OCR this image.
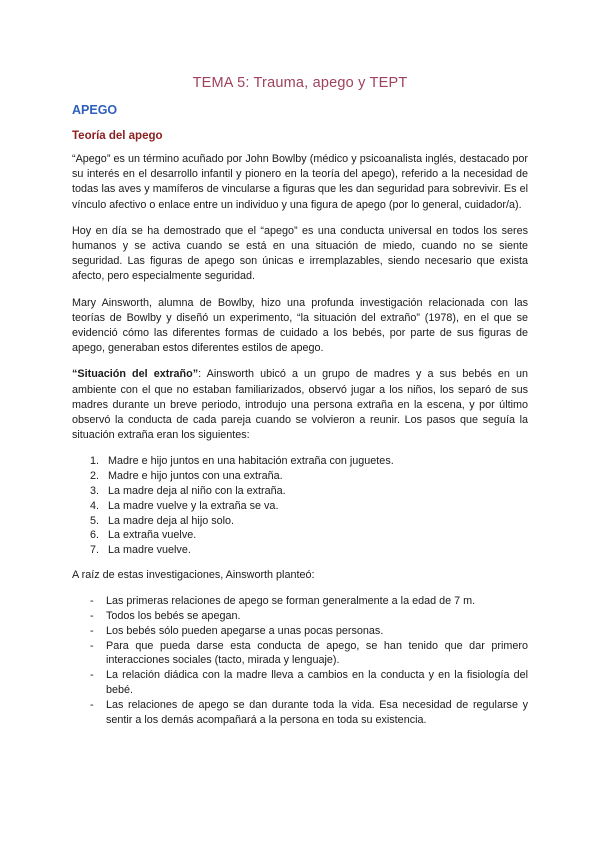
TEMA 5: Trauma, apego y TEPT
APEGO
Teoría del apego

“Apego” es un término acuñado por John Bowlby (médico y psicoanalista inglés, destacado por su interés en el desarrollo infantil y pionero en la teoría del apego), referido a la necesidad de todas las aves y mamíferos de vincularse a figuras que les dan seguridad para sobrevivir. Es el vínculo afectivo o enlace entre un individuo y una figura de apego (por lo general, cuidador/a).

Hoy en día se ha demostrado que el “apego” es una conducta universal en todos los seres humanos y se activa cuando se está en una situación de miedo, cuando no se siente seguridad. Las figuras de apego son únicas e irremplazables, siendo necesario que exista afecto, pero especialmente seguridad.

Mary Ainsworth, alumna de Bowlby, hizo una profunda investigación relacionada con las teorías de Bowlby y diseñó un experimento, “la situación del extraño” (1978), en el que se evidenció cómo las diferentes formas de cuidado a los bebés, por parte de sus figuras de apego, generaban estos diferentes estilos de apego.

“Situación del extraño”: Ainsworth ubicó a un grupo de madres y a sus bebés en un ambiente con el que no estaban familiarizados, observó jugar a los niños, los separó de sus madres durante un breve periodo, introdujo una persona extraña en la escena, y por último observó la conducta de cada pareja cuando se volvieron a reunir. Los pasos que seguía la situación extraña eran los siguientes:

1. Madre e hijo juntos en una habitación extraña con juguetes.
2. Madre e hijo juntos con una extraña.
3. La madre deja al niño con la extraña.
4. La madre vuelve y la extraña se va.
5. La madre deja al hijo solo.
6. La extraña vuelve.
7. La madre vuelve.

A raíz de estas investigaciones, Ainsworth planteó:

- Las primeras relaciones de apego se forman generalmente a la edad de 7 m.
- Todos los bebés se apegan.
- Los bebés sólo pueden apegarse a unas pocas personas.
- Para que pueda darse esta conducta de apego, se han tenido que dar primero interacciones sociales (tacto, mirada y lenguaje).
- La relación diádica con la madre lleva a cambios en la conducta y en la fisiología del bebé.
- Las relaciones de apego se dan durante toda la vida. Esa necesidad de regularse y sentir a los demás acompañará a la persona en toda su existencia.
